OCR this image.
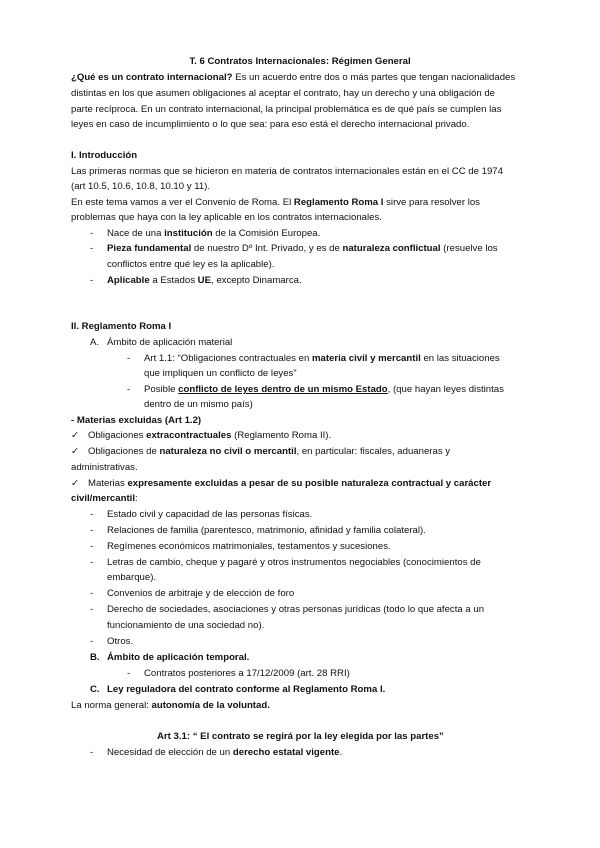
T. 6 Contratos Internacionales: Régimen General
¿Qué es un contrato internacional? Es un acuerdo entre dos o más partes que tengan nacionalidades
distintas en los que asumen obligaciones al aceptar el contrato, hay un derecho y una obligación de
parte recíproca. En un contrato internacional, la principal problemática es de qué país se cumplen las
leyes en caso de incumplimiento o lo que sea: para eso está el derecho internacional privado.
I. Introducción
Las primeras normas que se hicieron en materia de contratos internacionales están en el CC de 1974
(art 10.5, 10.6, 10.8, 10.10 y 11).
En este tema vamos a ver el Convenio de Roma. El Reglamento Roma I sirve para resolver los
problemas que haya con la ley aplicable en los contratos internacionales.
- Nace de una institución de la Comisión Europea.
- Pieza fundamental de nuestro Dº Int. Privado, y es de naturaleza conflictual (resuelve los
conflictos entre qué ley es la aplicable).
- Aplicable a Estados UE, excepto Dinamarca.
II. Reglamento Roma I
A. Ámbito de aplicación material
- Art 1.1: “Obligaciones contractuales en materia civil y mercantil en las situaciones
que impliquen un conflicto de leyes”
- Posible conflicto de leyes dentro de un mismo Estado, (que hayan leyes distintas
dentro de un mismo país)
- Materias excluidas (Art 1.2)
✓ Obligaciones extracontractuales (Reglamento Roma II).
✓ Obligaciones de naturaleza no civil o mercantil, en particular: fiscales, aduaneras y
administrativas.
✓ Materias expresamente excluidas a pesar de su posible naturaleza contractual y carácter
civil/mercantil:
- Estado civil y capacidad de las personas físicas.
- Relaciones de familia (parentesco, matrimonio, afinidad y familia colateral).
- Regímenes económicos matrimoniales, testamentos y sucesiones.
- Letras de cambio, cheque y pagaré y otros instrumentos negociables (conocimientos de
embarque).
- Convenios de arbitraje y de elección de foro
- Derecho de sociedades, asociaciones y otras personas jurídicas (todo lo que afecta a un
funcionamiento de una sociedad no).
- Otros.
B. Ámbito de aplicación temporal.
- Contratos posteriores a 17/12/2009 (art. 28 RRI)
C. Ley reguladora del contrato conforme al Reglamento Roma I.
La norma general: autonomía de la voluntad.
Art 3.1: “ El contrato se regirá por la ley elegida por las partes”
- Necesidad de elección de un derecho estatal vigente.
